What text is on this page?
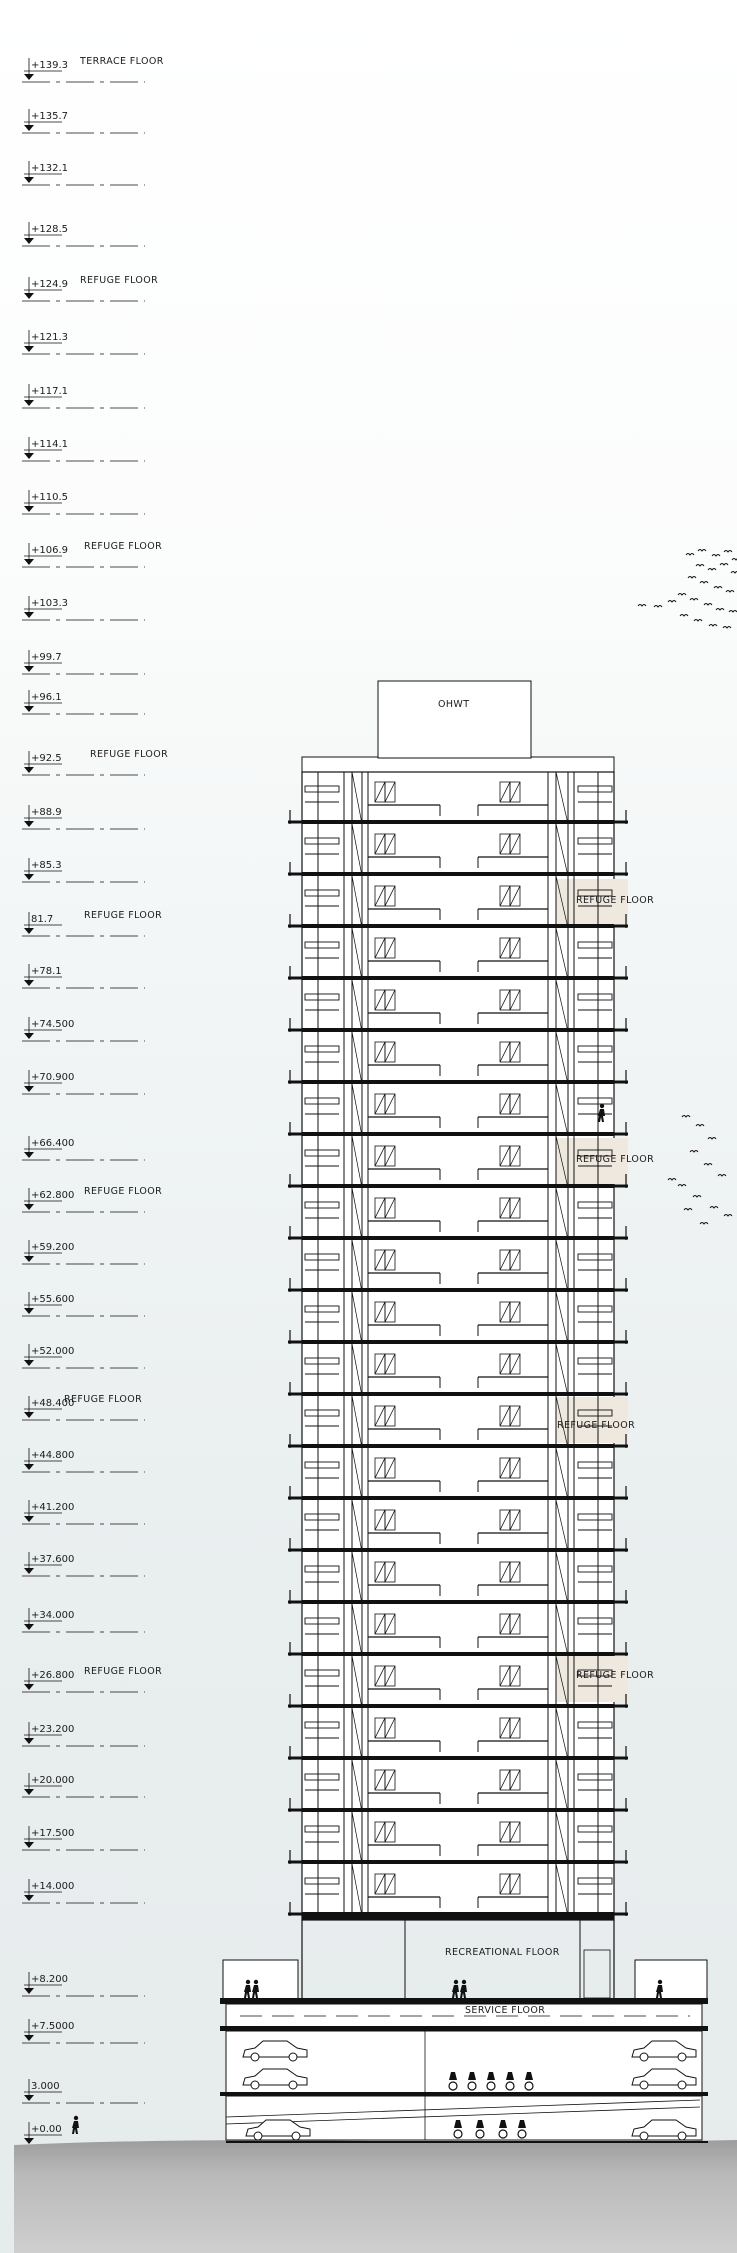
+139.3 TERRACE FLOOR
+135.7
+132.1
+128.5
+124.9 REFUGE FLOOR
+121.3
+117.1
+114.1
+110.5
+106.9 REFUGE FLOOR
+103.3
+99.7
+96.1
+92.5	REFUGE FLOOR
+88.9
+85.3
81.7	REFUGE FLOOR
+78.1
+74.500
+70.900
+66.400
+62.800 REFUGE FLOOR
+59.200
+55.600
+52.000
+48.400
REFUGE FLOOR
+44.800
+41.200
+37.600
+34.000
+26.800 REFUGE FLOOR
+23.200
+20.000
+17.500
+14.000
+8.200
+7.5000
3.000
+0.00
OHWT
REFUGE FLOOR
REFUGE FLOOR
REFUGE FLOOR
REFUGE FLOOR
RECREATIONAL FLOOR
SERVICE FLOOR
